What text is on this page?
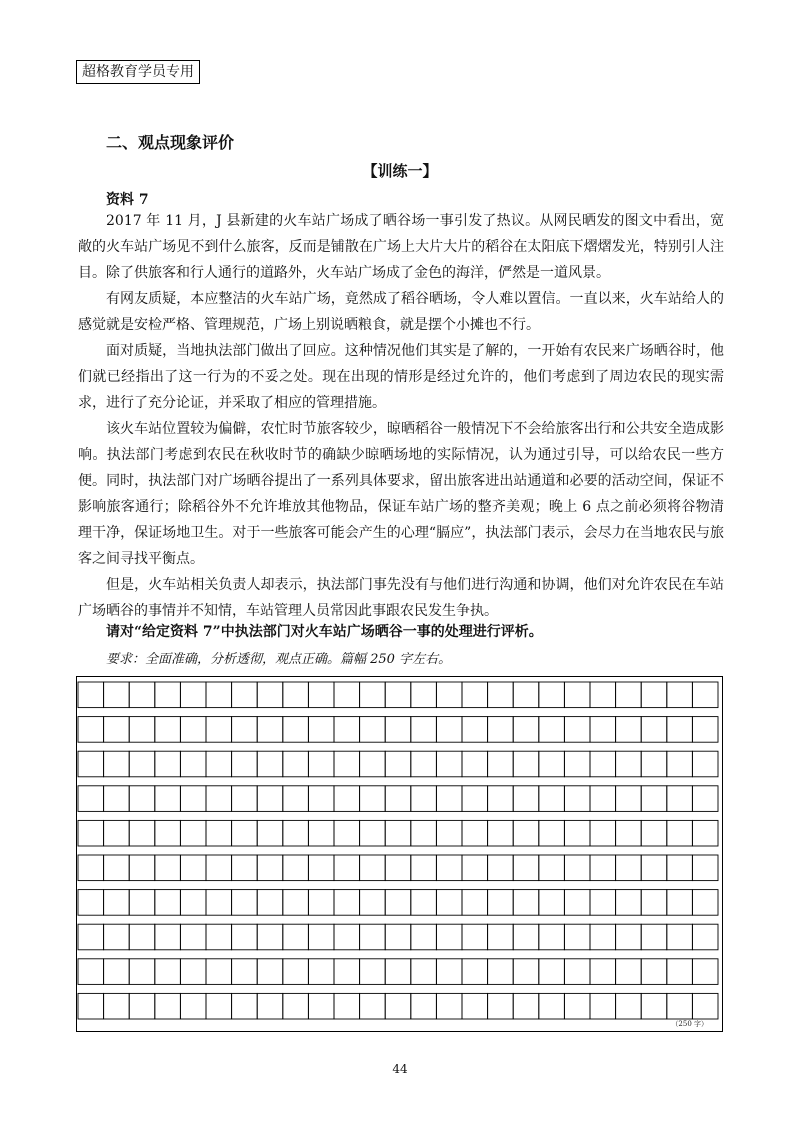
超格教育学员专用
二、观点现象评价
【训练一】
资料 7

2017 年 11 月，J 县新建的火车站广场成了晒谷场一事引发了热议。从网民晒发的图文中看出，宽敞的火车站广场见不到什么旅客，反而是铺散在广场上大片大片的稻谷在太阳底下熠熠发光，特别引人注目。除了供旅客和行人通行的道路外，火车站广场成了金色的海洋，俨然是一道风景。

有网友质疑，本应整洁的火车站广场，竟然成了稻谷晒场，令人难以置信。一直以来，火车站给人的感觉就是安检严格、管理规范，广场上别说晒粮食，就是摆个小摊也不行。

面对质疑，当地执法部门做出了回应。这种情况他们其实是了解的，一开始有农民来广场晒谷时，他们就已经指出了这一行为的不妥之处。现在出现的情形是经过允许的，他们考虑到了周边农民的现实需求，进行了充分论证，并采取了相应的管理措施。

该火车站位置较为偏僻，农忙时节旅客较少，晾晒稻谷一般情况下不会给旅客出行和公共安全造成影响。执法部门考虑到农民在秋收时节的确缺少晾晒场地的实际情况，认为通过引导，可以给农民一些方便。同时，执法部门对广场晒谷提出了一系列具体要求，留出旅客进出站通道和必要的活动空间，保证不影响旅客通行；除稻谷外不允许堆放其他物品，保证车站广场的整齐美观；晚上 6 点之前必须将谷物清理干净，保证场地卫生。对于一些旅客可能会产生的心理“膈应”，执法部门表示，会尽力在当地农民与旅客之间寻找平衡点。

但是，火车站相关负责人却表示，执法部门事先没有与他们进行沟通和协调，他们对允许农民在车站广场晒谷的事情并不知情，车站管理人员常因此事跟农民发生争执。

请对“给定资料 7”中执法部门对火车站广场晒谷一事的处理进行评析。
要求：全面准确，分析透彻，观点正确。篇幅 250 字左右。
（250 字）
44
